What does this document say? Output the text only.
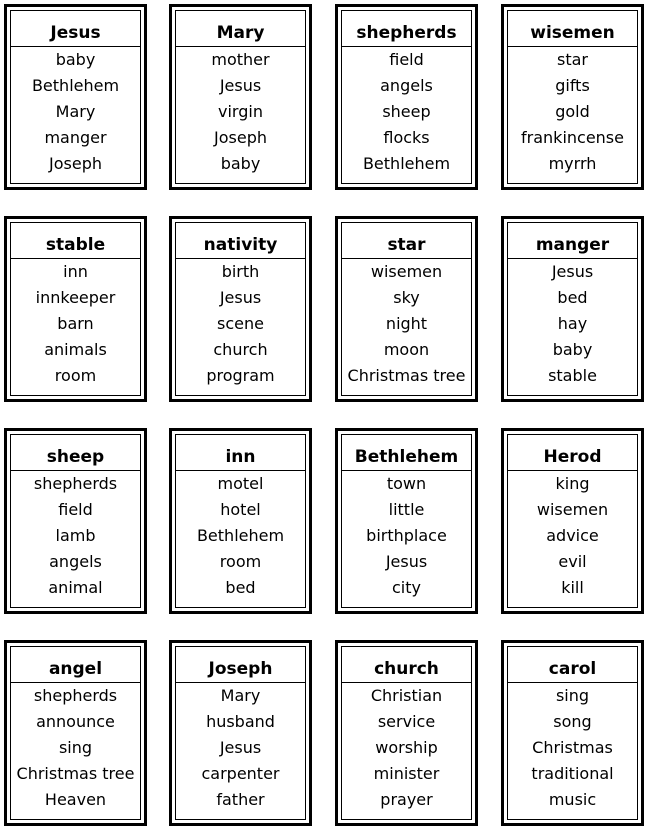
Jesus
baby
Bethlehem
Mary
manger
Joseph
Mary
mother
Jesus
virgin
Joseph
baby
shepherds
field
angels
sheep
flocks
Bethlehem
wisemen
star
gifts
gold
frankincense
myrrh
stable
inn
innkeeper
barn
animals
room
nativity
birth
Jesus
scene
church
program
star
wisemen
sky
night
moon
Christmas tree
manger
Jesus
bed
hay
baby
stable
sheep
shepherds
field
lamb
angels
animal
inn
motel
hotel
Bethlehem
room
bed
Bethlehem
town
little
birthplace
Jesus
city
Herod
king
wisemen
advice
evil
kill
angel
shepherds
announce
sing
Christmas tree
Heaven
Joseph
Mary
husband
Jesus
carpenter
father
church
Christian
service
worship
minister
prayer
carol
sing
song
Christmas
traditional
music
